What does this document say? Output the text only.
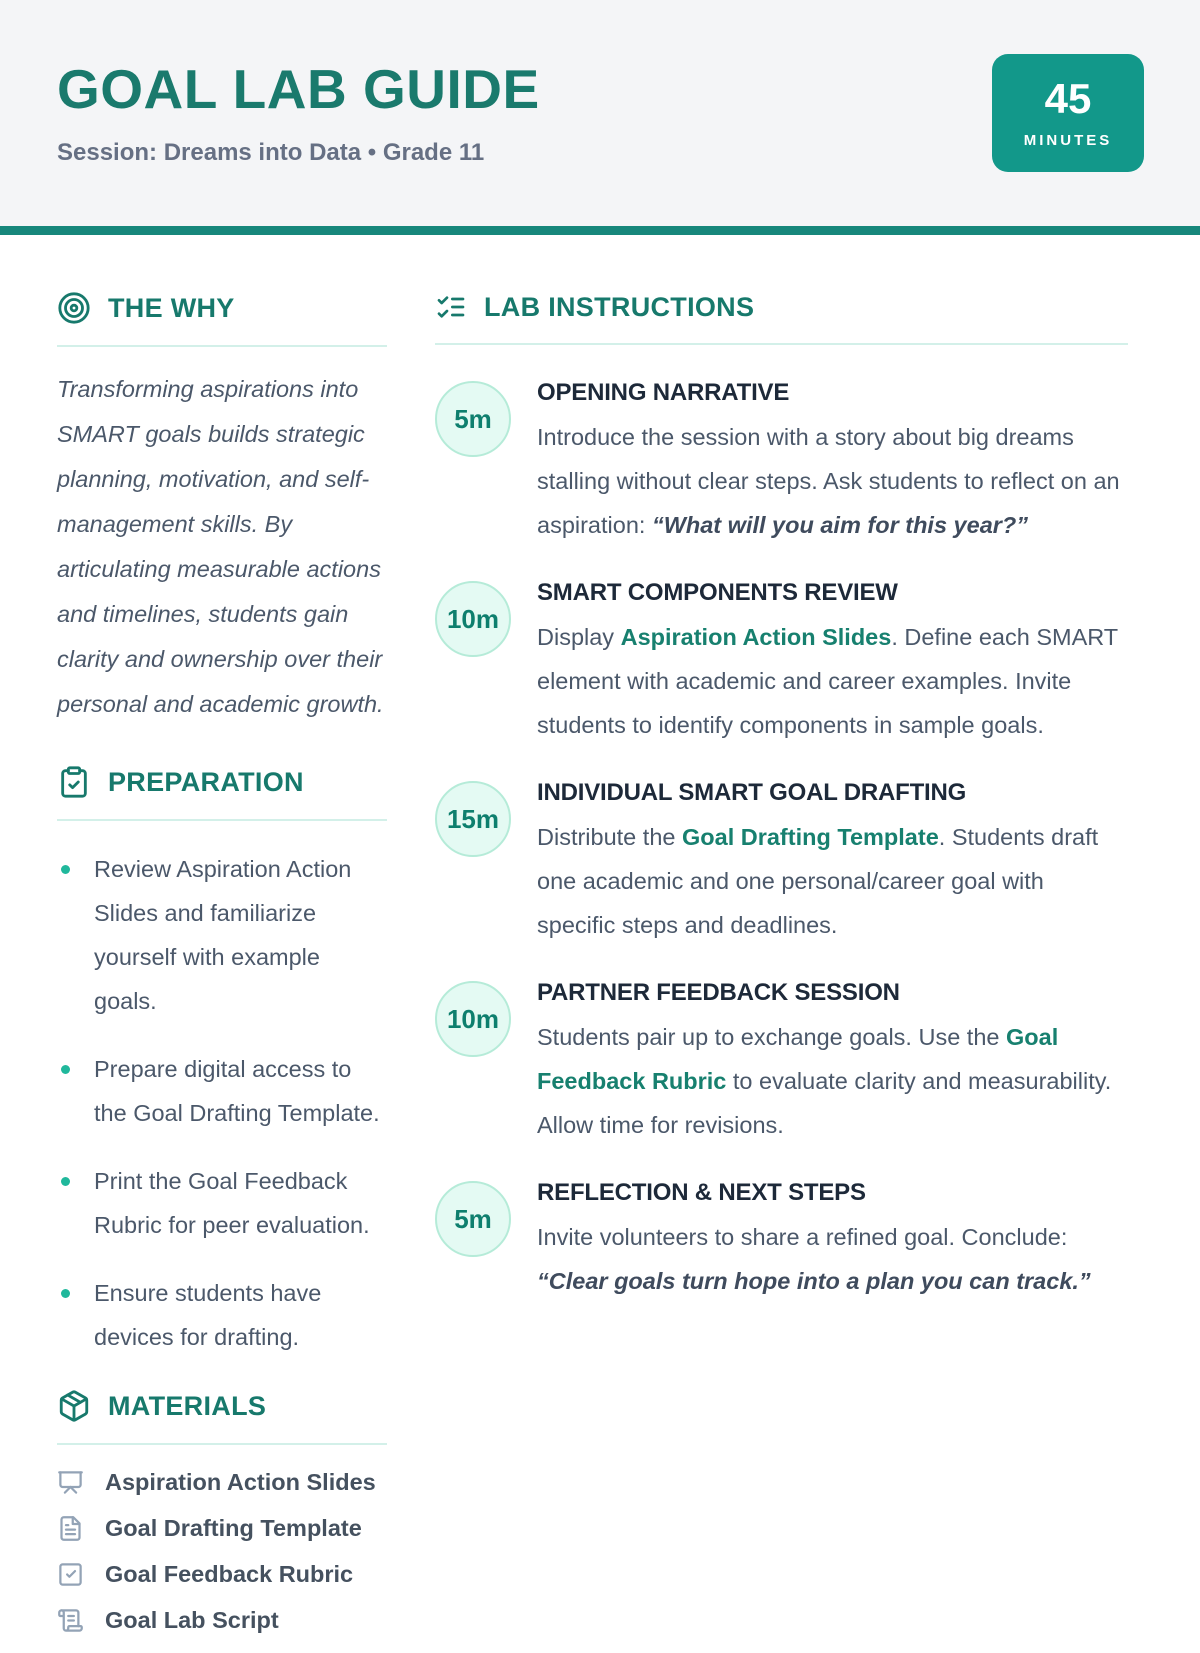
GOAL LAB GUIDE
Session: Dreams into Data • Grade 11
45
MINUTES
THE WHY

Transforming aspirations into SMART goals builds strategic planning, motivation, and self-management skills. By articulating measurable actions and timelines, students gain clarity and ownership over their personal and academic growth.

PREPARATION
Review Aspiration Action Slides and familiarize yourself with example goals.
Prepare digital access to the Goal Drafting Template.
Print the Goal Feedback Rubric for peer evaluation.
Ensure students have devices for drafting.
MATERIALS
Aspiration Action Slides
Goal Drafting Template
Goal Feedback Rubric
Goal Lab Script
LAB INSTRUCTIONS
5m
OPENING NARRATIVE
Introduce the session with a story about big dreams stalling without clear steps. Ask students to reflect on an aspiration: “What will you aim for this year?”
10m
SMART COMPONENTS REVIEW
Display Aspiration Action Slides. Define each SMART element with academic and career examples. Invite students to identify components in sample goals.
15m
INDIVIDUAL SMART GOAL DRAFTING
Distribute the Goal Drafting Template. Students draft one academic and one personal/career goal with specific steps and deadlines.
10m
PARTNER FEEDBACK SESSION
Students pair up to exchange goals. Use the Goal Feedback Rubric to evaluate clarity and measurability. Allow time for revisions.
5m
REFLECTION & NEXT STEPS
Invite volunteers to share a refined goal. Conclude: “Clear goals turn hope into a plan you can track.”
